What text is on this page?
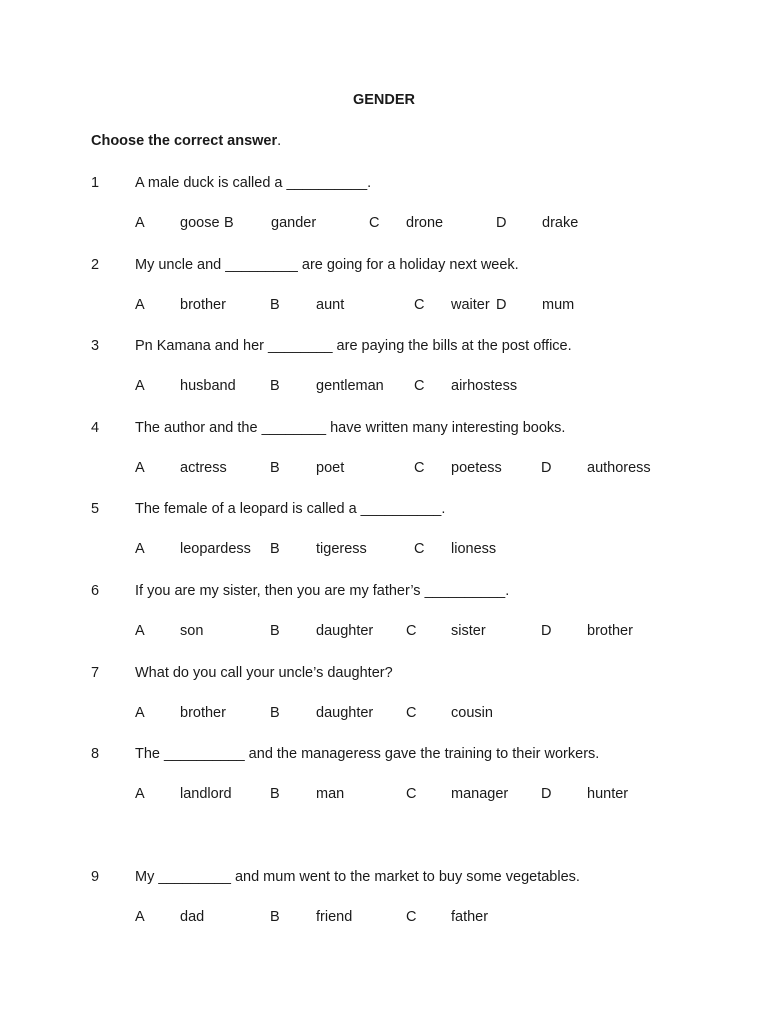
GENDER
Choose the correct answer.
1 A male duck is called a __________.
A goose B	gander	C drone	D drake
2 My uncle and _________ are going for a holiday next week.
A brother	B	aunt	C waiter D mum
3 Pn Kamana and her ________ are paying the bills at the post office.
A husband B	gentleman C airhostess
4 The author and the ________ have written many interesting books.
A actress	B	poet	C poetess	D authoress
5 The female of a leopard is called a __________.
A leopardess B	tigeress	C lioness
6 If you are my sister, then you are my father’s __________.
A son	B	daughter C sister	D brother
7 What do you call your uncle’s daughter?
A brother	B	daughter C cousin
8 The __________ and the manageress gave the training to their workers.
A landlord	B	man	C manager D hunter
9 My _________ and mum went to the market to buy some vegetables.
A dad	B	friend	C father
